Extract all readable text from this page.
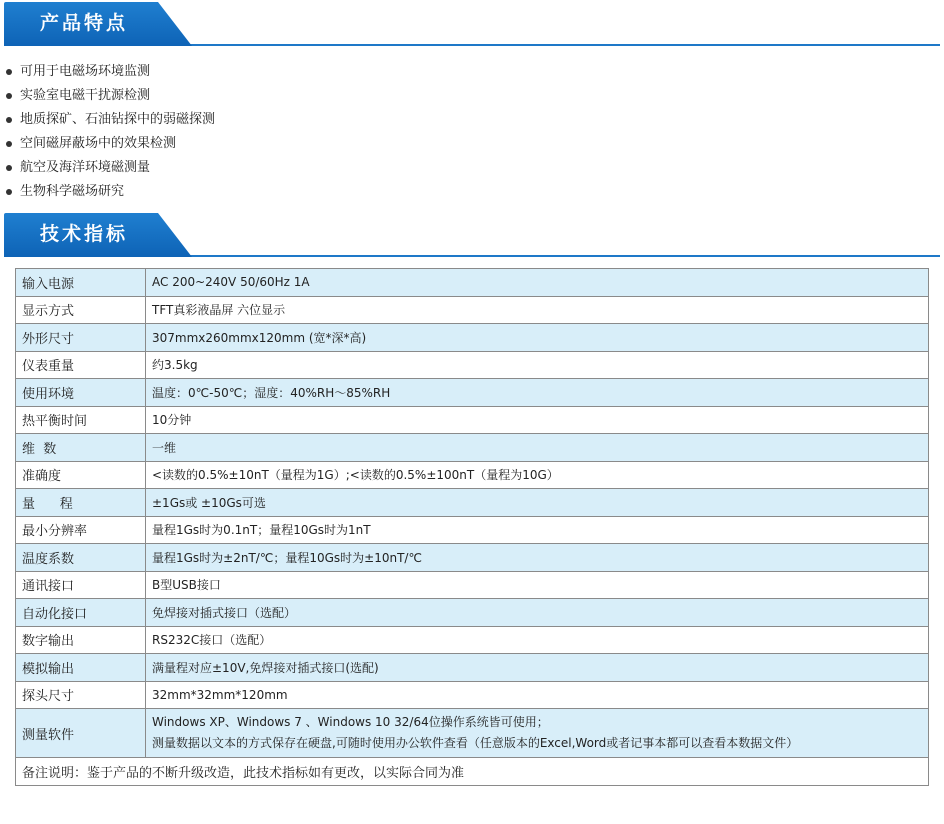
产品特点
可用于电磁场环境监测
实验室电磁干扰源检测
地质探矿、石油钻探中的弱磁探测
空间磁屏蔽场中的效果检测
航空及海洋环境磁测量
生物科学磁场研究
技术指标
输入电源	AC 200~240V 50/60Hz 1A
显示方式	TFT真彩液晶屏 六位显示
外形尺寸	307mmx260mmx120mm (宽*深*高)
仪表重量	约3.5kg
使用环境	温度：0℃-50℃；湿度：40%RH～85%RH
热平衡时间	10分钟
维  数	一维
准确度	<读数的0.5%±10nT（量程为1G）;<读数的0.5%±100nT（量程为10G）
量      程	±1Gs或 ±10Gs可选
最小分辨率	量程1Gs时为0.1nT；量程10Gs时为1nT
温度系数	量程1Gs时为±2nT/℃；量程10Gs时为±10nT/℃
通讯接口	B型USB接口
自动化接口	免焊接对插式接口（选配）
数字输出	RS232C接口（选配）
模拟输出	满量程对应±10V,免焊接对插式接口(选配)
探头尺寸	32mm*32mm*120mm
测量软件	Windows XP、Windows 7 、Windows 10 32/64位操作系统皆可使用；
测量数据以文本的方式保存在硬盘,可随时使用办公软件查看（任意版本的Excel,Word或者记事本都可以查看本数据文件）

备注说明：鉴于产品的不断升级改造，此技术指标如有更改，以实际合同为准	
